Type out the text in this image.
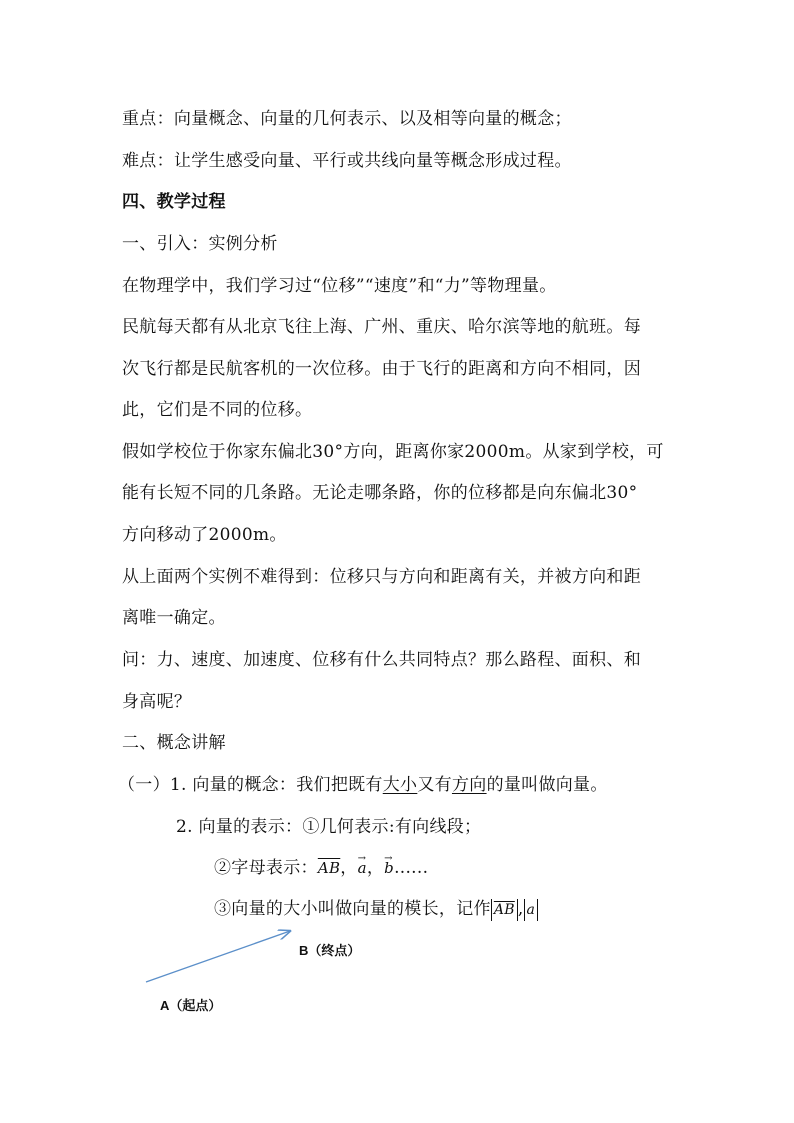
重点：向量概念、向量的几何表示、以及相等向量的概念；
难点：让学生感受向量、平行或共线向量等概念形成过程。
四、教学过程
一、引入：实例分析
在物理学中，我们学习过“位移”“速度”和“力”等物理量。
民航每天都有从北京飞往上海、广州、重庆、哈尔滨等地的航班。每
次飞行都是民航客机的一次位移。由于飞行的距离和方向不相同，因
此，它们是不同的位移。
假如学校位于你家东偏北30°方向，距离你家2000m。从家到学校，可
能有长短不同的几条路。无论走哪条路，你的位移都是向东偏北30°
方向移动了2000m。
从上面两个实例不难得到：位移只与方向和距离有关，并被方向和距
离唯一确定。
问：力、速度、加速度、位移有什么共同特点？那么路程、面积、和
身高呢？
二、概念讲解
（一）1. 向量的概念：我们把既有大小又有方向的量叫做向量。
2. 向量的表示：①几何表示:有向线段；
②字母表示：$\overline{AB}$，→ a，→ b......
③向量的大小叫做向量的模长，记作 $\overline{AB}$ , a
B（终点）
A（起点）
